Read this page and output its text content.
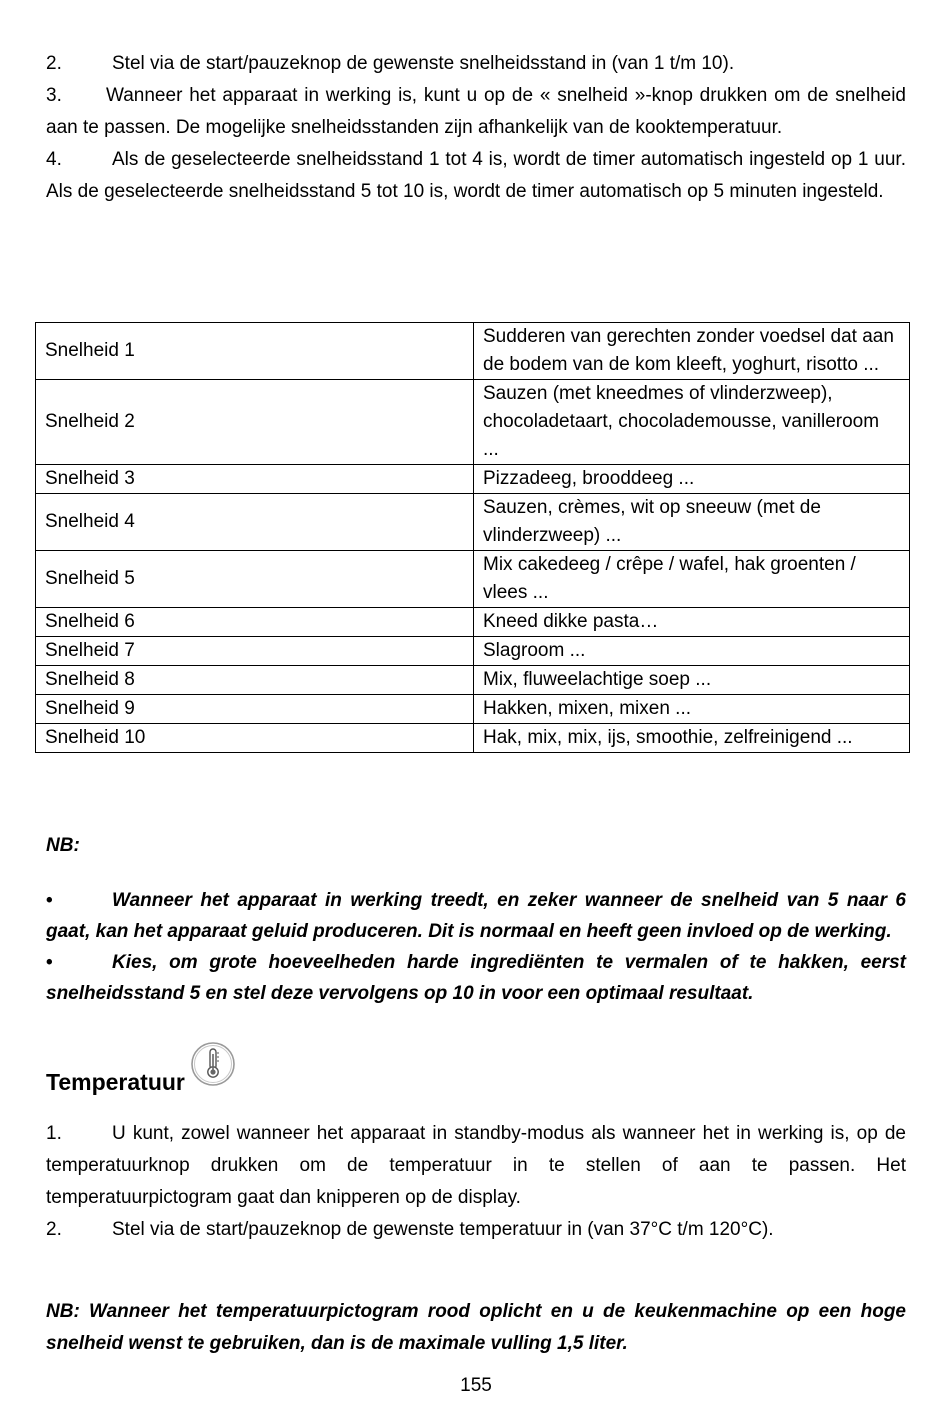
2.	Stel via de start/pauzeknop de gewenste snelheidsstand in (van 1 t/m 10).

3. Wanneer het apparaat in werking is, kunt u op de « snelheid »-knop drukken om de snelheid aan te passen. De mogelijke snelheidsstanden zijn afhankelijk van de kooktemperatuur.

4.	Als de geselecteerde snelheidsstand 1 tot 4 is, wordt de timer automatisch ingesteld op 1 uur. Als de geselecteerde snelheidsstand 5 tot 10 is, wordt de timer automatisch op 5 minuten ingesteld.

Snelheid 1	Sudderen van gerechten zonder voedsel dat aan de bodem van de kom kleeft, yoghurt, risotto ...
Snelheid 2	Sauzen (met kneedmes of vlinderzweep), chocoladetaart, chocolademousse, vanilleroom ...
Snelheid 3	Pizzadeeg, brooddeeg ...
Snelheid 4	Sauzen, crèmes, wit op sneeuw (met de vlinderzweep) ...
Snelheid 5	Mix cakedeeg / crêpe / wafel, hak groenten / vlees ...
Snelheid 6	Kneed dikke pasta…
Snelheid 7	Slagroom ...
Snelheid 8	Mix, fluweelachtige soep ...
Snelheid 9	Hakken, mixen, mixen ...
Snelheid 10	Hak, mix, mix, ijs, smoothie, zelfreinigend ...

NB:

•	Wanneer het apparaat in werking treedt, en zeker wanneer de snelheid van 5 naar 6 gaat, kan het apparaat geluid produceren. Dit is normaal en heeft geen invloed op de werking.
•	Kies, om grote hoeveelheden harde ingrediënten te vermalen of te hakken, eerst snelheidsstand 5 en stel deze vervolgens op 10 in voor een optimaal resultaat.
Temperatuur

1.	U kunt, zowel wanneer het apparaat in standby-modus als wanneer het in werking is, op de temperatuurknop drukken om de temperatuur in te stellen of aan te passen. Het temperatuurpictogram gaat dan knipperen op de display.

2.	Stel via de start/pauzeknop de gewenste temperatuur in (van 37°C t/m 120°C).

NB: Wanneer het temperatuurpictogram rood oplicht en u de keukenmachine op een hoge snelheid wenst te gebruiken, dan is de maximale vulling 1,5 liter.

155
